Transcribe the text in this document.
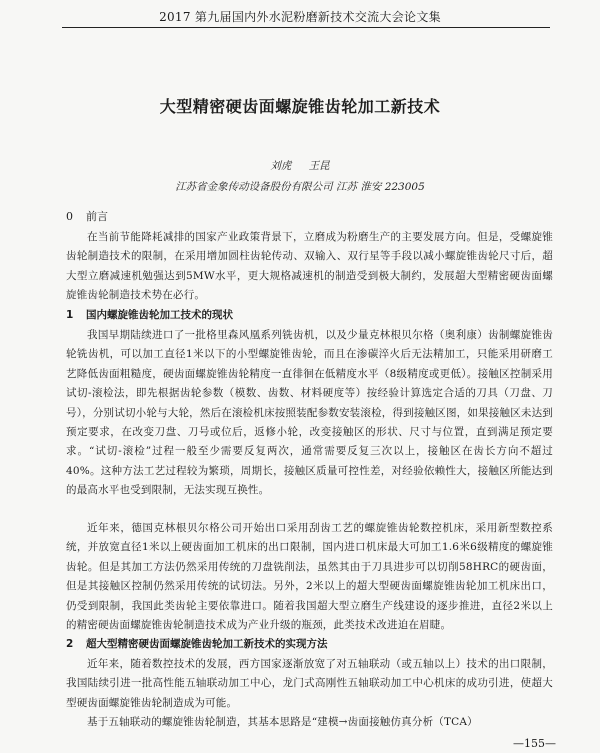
2017 第九届国内外水泥粉磨新技术交流大会论文集
大型精密硬齿面螺旋锥齿轮加工新技术
刘虎 王昆
江苏省金象传动设备股份有限公司 江苏 淮安 223005
0 前言

在当前节能降耗减排的国家产业政策背景下，立磨成为粉磨生产的主要发展方向。但是，受螺旋锥齿轮制造技术的限制，在采用增加圆柱齿轮传动、双输入、双行星等手段以减小螺旋锥齿轮尺寸后，超大型立磨减速机勉强达到5MW水平，更大规格减速机的制造受到极大制约，发展超大型精密硬齿面螺旋锥齿轮制造技术势在必行。

1 国内螺旋锥齿轮加工技术的现状

我国早期陆续进口了一批格里森风凰系列铣齿机，以及少量克林根贝尔格（奥利康）齿制螺旋锥齿轮铣齿机，可以加工直径1米以下的小型螺旋锥齿轮，而且在渗碳淬火后无法精加工，只能采用研磨工艺降低齿面粗糙度，硬齿面螺旋锥齿轮精度一直徘徊在低精度水平（8级精度或更低）。接触区控制采用试切-滚检法，即先根据齿轮参数（模数、齿数、材料硬度等）按经验计算选定合适的刀具（刀盘、刀号），分别试切小轮与大轮，然后在滚检机床按照装配参数安装滚检，得到接触区图，如果接触区未达到预定要求，在改变刀盘、刀号或位后，返修小轮，改变接触区的形状、尺寸与位置，直到满足预定要求。“试切-滚检”过程一般至少需要反复两次，通常需要反复三次以上，接触区在齿长方向不超过40%。这种方法工艺过程较为繁琐，周期长，接触区质量可控性差，对经验依赖性大，接触区所能达到的最高水平也受到限制，无法实现互换性。

近年来，德国克林根贝尔格公司开始出口采用刮齿工艺的螺旋锥齿轮数控机床，采用新型数控系统，并放宽直径1米以上硬齿面加工机床的出口限制，国内进口机床最大可加工1.6米6级精度的螺旋锥齿轮。但是其加工方法仍然采用传统的刀盘铣削法，虽然其由于刀具进步可以切削58HRC的硬齿面，但是其接触区控制仍然采用传统的试切法。另外，2米以上的超大型硬齿面螺旋锥齿轮加工机床出口，仍受到限制，我国此类齿轮主要依靠进口。随着我国超大型立磨生产线建设的逐步推进，直径2米以上的精密硬齿面螺旋锥齿轮制造技术成为产业升级的瓶颈，此类技术改进迫在眉睫。

2 超大型精密硬齿面螺旋锥齿轮加工新技术的实现方法

近年来，随着数控技术的发展，西方国家逐渐放宽了对五轴联动（或五轴以上）技术的出口限制，我国陆续引进一批高性能五轴联动加工中心，龙门式高刚性五轴联动加工中心机床的成功引进，使超大型硬齿面螺旋锥齿轮制造成为可能。

基于五轴联动的螺旋锥齿轮制造，其基本思路是“建模→齿面接触仿真分析（TCA）

—155—
